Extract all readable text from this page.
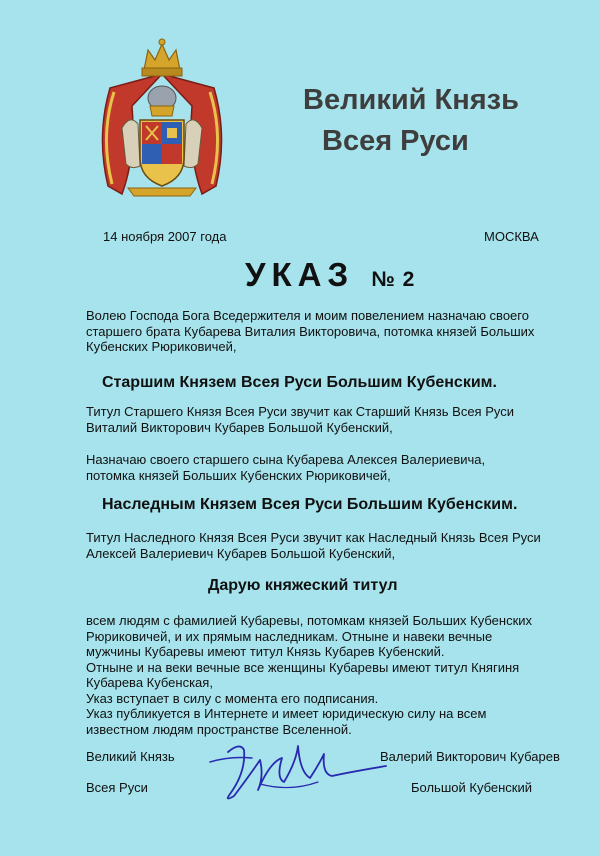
Великий Князь
Всея Руси
14 ноября 2007 года	МОСКВА
УКАЗ № 2
Волею Господа Бога Вседержителя и моим повелением назначаю своего
старшего брата Кубарева Виталия Викторовича, потомка князей Больших
Кубенских Рюриковичей,
Старшим Князем Всея Руси Большим Кубенским.
Титул Старшего Князя Всея Руси звучит как Старший Князь Всея Руси
Виталий Викторович Кубарев Большой Кубенский,
Назначаю своего старшего сына Кубарева Алексея Валериевича,
потомка князей Больших Кубенских Рюриковичей,
Наследным Князем Всея Руси Большим Кубенским.
Титул Наследного Князя Всея Руси звучит как Наследный Князь Всея Руси
Алексей Валериевич Кубарев Большой Кубенский,
Дарую княжеский титул
всем людям с фамилией Кубаревы, потомкам князей Больших Кубенских
Рюриковичей, и их прямым наследникам. Отныне и навеки вечные
мужчины Кубаревы имеют титул Князь Кубарев Кубенский.
Отныне и на веки вечные все женщины Кубаревы имеют титул Княгиня
Кубарева Кубенская,
Указ вступает в силу с момента его подписания.
Указ публикуется в Интернете и имеет юридическую силу на всем
известном людям пространстве Вселенной.
Великий Князь
Всея Руси
Валерий Викторович Кубарев
Большой Кубенский
